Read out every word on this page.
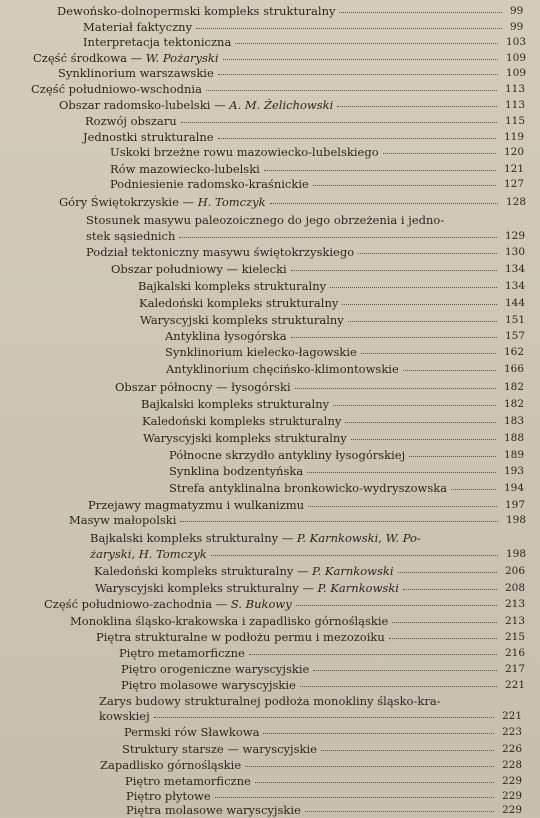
Dewońsko-dolnopermski kompleks strukturalny	99
Materiał faktyczny	99
Interpretacja tektoniczna	103
Część środkowa — W. Pożaryski	109
Synklinorium warszawskie	109
Część południowo-wschodnia	113
Obszar radomsko-lubelski — A. M. Żelichowski	113
Rozwój obszaru	115
Jednostki strukturalne	119
Uskoki brzeżne rowu mazowiecko-lubelskiego	120
Rów mazowiecko-lubelski	121
Podniesienie radomsko-kraśnickie	127
Góry Świętokrzyskie — H. Tomczyk	128
Stosunek masywu paleozoicznego do jego obrzeżenia i jedno-
stek sąsiednich	129
Podział tektoniczny masywu świętokrzyskiego	130
Obszar południowy — kielecki	134
Bajkalski kompleks strukturalny	134
Kaledoński kompleks strukturalny	144
Waryscyjski kompleks strukturalny	151
Antyklina łysogórska	157
Synklinorium kielecko-łagowskie	162
Antyklinorium chęcińsko-klimontowskie	166
Obszar północny — łysogórski	182
Bajkalski kompleks strukturalny	182
Kaledoński kompleks strukturalny	183
Waryscyjski kompleks strukturalny	188
Północne skrzydło antykliny łysogórskiej	189
Synklina bodzentyńska	193
Strefa antyklinalna bronkowicko-wydryszowska	194
Przejawy magmatyzmu i wulkanizmu	197
Masyw małopolski	198
Bajkalski kompleks strukturalny — P. Karnkowski, W. Po-
żaryski, H. Tomczyk	198
Kaledoński kompleks strukturalny — P. Karnkowski	206
Waryscyjski kompleks strukturalny — P. Karnkowski	208
Część południowo-zachodnia — S. Bukowy	213
Monoklina śląsko-krakowska i zapadlisko górnośląskie	213
Piętra strukturalne w podłożu permu i mezozoiku	215
Piętro metamorficzne	216
Piętro orogeniczne waryscyjskie	217
Piętro molasowe waryscyjskie	221
Zarys budowy strukturalnej podłoża monokliny śląsko-kra-
kowskiej	221
Permski rów Sławkowa	223
Struktury starsze — waryscyjskie	226
Zapadlisko górnośląskie	228
Piętro metamorficzne	229
Piętro płytowe	229
Piętra molasowe waryscyjskie	229
